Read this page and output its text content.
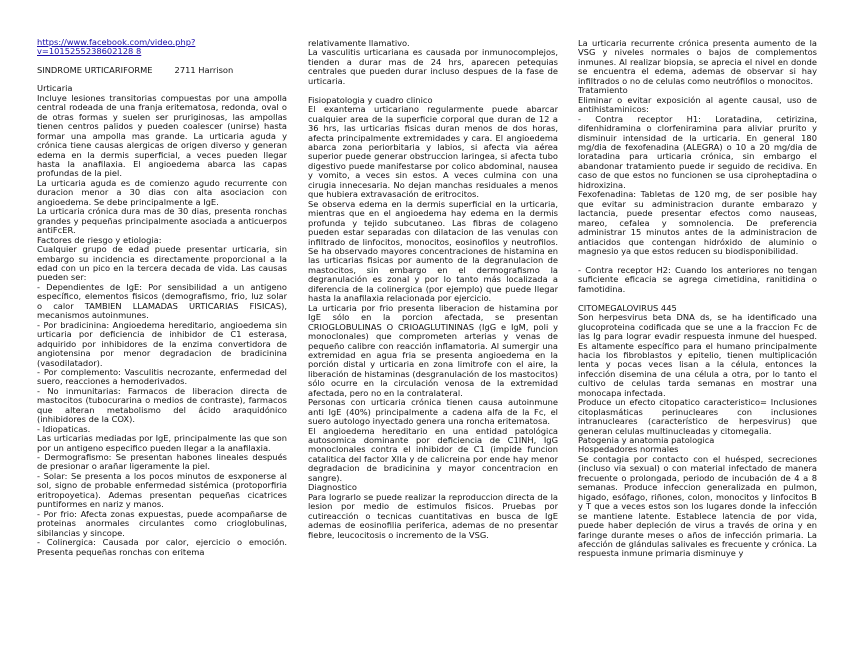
https://www.facebook.com/video.php?v=1015255238602128 8
SINDROME URTICARIFORME	2711 Harrison

Urticaria

Incluye lesiones transitorias compuestas por una ampolla central rodeada de una franja eritematosa, redonda, oval o de otras formas y suelen ser pruriginosas, las ampollas tienen centros palidos y pueden coalescer (unirse) hasta formar una ampolla mas grande. La urticaria aguda y crónica tiene causas alergicas de origen diverso y generan edema en la dermis superficial, a veces pueden llegar hasta la anafilaxia. El angioedema abarca las capas profundas de la piel.

La urticaria aguda es de comienzo agudo recurrente con duracion menor a 30 dias con alta asociacion con angioedema. Se debe principalmente a IgE.

La urticaria crónica dura mas de 30 dias, presenta ronchas grandes y pequeñas principalmente asociada a anticuerpos antiFcER.

Factores de riesgo y etiologia:

Cualquier grupo de edad puede presentar urticaria, sin embargo su incidencia es directamente proporcional a la edad con un pico en la tercera decada de vida. Las causas pueden ser:

- Dependientes de IgE: Por sensibilidad a un antigeno específico, elementos fisicos (demografismo, frio, luz solar o calor TAMBIEN LLAMADAS URTICARIAS FISICAS), mecanismos autoinmunes.

- Por bradicinina: Angioedema hereditario, angioedema sin urticaria por deficiencia de inhibidor de C1 esterasa, adquirido por inhibidores de la enzima convertidora de angiotensina por menor degradacion de bradicinina (vasodilatador).

- Por complemento: Vasculitis necrozante, enfermedad del suero, reacciones a hemoderivados.

- No inmunitarias: Farmacos de liberacion directa de mastocitos (tubocurarina o medios de contraste), farmacos que alteran metabolismo del ácido araquidónico (inhibidores de la COX).

- Idiopaticas.

Las urticarias mediadas por IgE, principalmente las que son por un antigeno especifico pueden llegar a la anafilaxia.

- Dermografismo: Se presentan habones lineales después de presionar o arañar ligeramente la piel.

- Solar: Se presenta a los pocos minutos de esxponerse al sol, signo de probable enfermedad sistémica (protoporfiria eritropoyetica). Ademas presentan pequeñas cicatrices puntiformes en nariz y manos.

- Por frio: Afecta zonas expuestas, puede acompañarse de proteinas anormales circulantes como crioglobulinas, sibilancias y sincope.

- Colinergica: Causada por calor, ejercicio o emoción. Presenta pequeñas ronchas con eritema

relativamente llamativo.

La vasculitis urticariana es causada por inmunocomplejos, tienden a durar mas de 24 hrs, aparecen petequias centrales que pueden durar incluso despues de la fase de urticaria.

Fisiopatologia y cuadro clinico

El exantema urticariano regularmente puede abarcar cualquier area de la superficie corporal que duran de 12 a 36 hrs, las urticarias fisicas duran menos de dos horas, afecta principalmente extremidades y cara. El angioedema abarca zona periorbitaria y labios, si afecta via aérea superior puede generar obstruccion laringea, si afecta tubo digestivo puede manifestarse por colico abdominal, nausea y vomito, a veces sin estos. A veces culmina con una cirugia innecesaria. No dejan manchas residuales a menos que hubiera extravasación de eritrocitos.

Se observa edema en la dermis superficial en la urticaria, mientras que en el angioedema hay edema en la dermis profunda y tejido subcutaneo. Las fibras de colageno pueden estar separadas con dilatacion de las venulas con infiltrado de linfocitos, monocitos, eosinofilos y neutrofilos. Se ha observado mayores concentraciones de histamina en las urticarias fisicas por aumento de la degranulacion de mastocitos, sin embargo en el dermografismo la degranulación es zonal y por lo tanto más localizada a diferencia de la colinergica (por ejemplo) que puede llegar hasta la anafilaxia relacionada por ejercicio.

La urticaria por frio presenta liberacion de histamina por IgE sólo en la porcion afectada, se presentan CRIOGLOBULINAS O CRIOAGLUTININAS (IgG e IgM, poli y monoclonales) que comprometen arterias y venas de pequeño calibre con reacción inflamatoria. Al sumergir una extremidad en agua fria se presenta angioedema en la porción distal y urticaria en zona limitrofe con el aire, la liberación de histaminas (desgranulación de los mastocitos) sólo ocurre en la circulación venosa de la extremidad afectada, pero no en la contralateral.

Personas con urticaria crónica tienen causa autoinmune anti IgE (40%) principalmente a cadena alfa de la Fc, el suero autologo inyectado genera una roncha eritematosa.

El angioedema hereditario en una entidad patológica autosomica dominante por deficiencia de C1INH, IgG monoclonales contra el inhibidor de C1 (impide funcion catalitica del factor XIIa y de calicreina por ende hay menor degradacion de bradicinina y mayor concentracion en sangre).

Diagnostico

Para lograrlo se puede realizar la reproduccion directa de la lesion por medio de estimulos fisicos. Pruebas por cutireacción o tecnicas cuantitativas en busca de IgE ademas de eosinofilia periferica, ademas de no presentar fiebre, leucocitosis o incremento de la VSG.

La urticaria recurrente crónica presenta aumento de la VSG y niveles normales o bajos de complementos inmunes. Al realizar biopsia, se aprecia el nivel en donde se encuentra el edema, ademas de observar si hay infiltrados o no de celulas como neutrófilos o monocitos.

Tratamiento

Eliminar o evitar exposición al agente causal, uso de antihistaminicos:

- Contra receptor H1: Loratadina, cetirizina, difenhidramina o clorfeniramina para aliviar prurito y disminuir intensidad de la urticaria. En general 180 mg/dia de fexofenadina (ALEGRA) o 10 a 20 mg/dia de loratadina para urticaria crónica, sin embargo el abandonar tratamiento puede ir seguido de recidiva. En caso de que estos no funcionen se usa ciproheptadina o hidroxizina.

Fexofenadina: Tabletas de 120 mg, de ser posible hay que evitar su administracion durante embarazo y lactancia, puede presentar efectos como nauseas, mareo, cefalea y somnolencia. De preferencia administrar 15 minutos antes de la administracion de antiacidos que contengan hidróxido de aluminio o magnesio ya que estos reducen su biodisponibilidad.

- Contra receptor H2: Cuando los anteriores no tengan suficiente eficacia se agrega cimetidina, ranitidina o famotidina.

CITOMEGALOVIRUS 445

Son herpesvirus beta DNA ds, se ha identificado una glucoproteina codificada que se une a la fraccion Fc de las Ig para lograr evadir respuesta inmune del huesped. Es altamente específico para el humano principalmente hacia los fibroblastos y epitelio, tienen multiplicación lenta y pocas veces lisan a la célula, entonces la infección disemina de una célula a otra, por lo tanto el cultivo de celulas tarda semanas en mostrar una monocapa infectada.

Produce un efecto citopatico caracteristico= Inclusiones citoplasmáticas perinucleares con inclusiones intranucleares (característico de herpesvirus) que generan celulas multinucleadas y citomegalia.

Patogenia y anatomia patologica

Hospedadores normales

Se contagia por contacto con el huésped, secreciones (incluso via sexual) o con material infectado de manera frecuente o prolongada, periodo de incubación de 4 a 8 semanas. Produce infeccion generalizada en pulmon, higado, esófago, riñones, colon, monocitos y linfocitos B y T que a veces estos son los lugares donde la infección se mantiene latente. Establece latencia de por vida, puede haber depleción de virus a través de orina y en faringe durante meses o años de infección primaria. La afección de glándulas salivales es frecuente y crónica. La respuesta inmune primaria disminuye y
